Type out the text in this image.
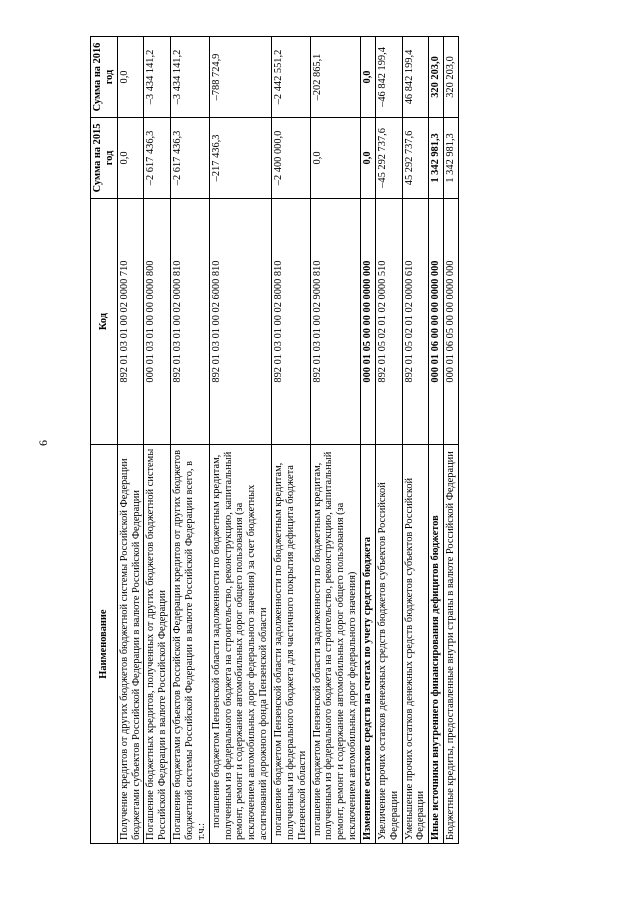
6
Наименование	Код	Сумма на 2015 год	Сумма на 2016 год
Получение кредитов от других бюджетов бюджетной системы Российской Федерации бюджетами субъектов Российской Федерации в валюте Российской Федерации	892 01 03 01 00 02 0000 710	0,0	0,0
Погашение бюджетных кредитов, полученных от других бюджетов бюджетной системы Российской Федерации в валюте Российской Федерации	000 01 03 01 00 00 0000 800	–2 617 436,3	–3 434 141,2
Погашение бюджетами субъектов Российской Федерации кредитов от других бюджетов бюджетной системы Российской Федерации в валюте Российской Федерации всего, в т.ч.:	892 01 03 01 00 02 0000 810	–2 617 436,3	–3 434 141,2
погашение бюджетом Пензенской области задолженности по бюджетным кредитам, полученным из федерального бюджета на строительство, реконструкцию, капитальный ремонт, ремонт и содержание автомобильных дорог общего пользования (за исключением автомобильных дорог федерального значения) за счет бюджетных ассигнований дорожного фонда Пензенской области	892 01 03 01 00 02 6000 810	–217 436,3	–788 724,9
погашение бюджетом Пензенской области задолженности по бюджетным кредитам, полученным из федерального бюджета для частичного покрытия дефицита бюджета Пензенской области	892 01 03 01 00 02 8000 810	–2 400 000,0	–2 442 551,2
погашение бюджетом Пензенской области задолженности по бюджетным кредитам, полученным из федерального бюджета на строительство, реконструкцию, капитальный ремонт, ремонт и содержание автомобильных дорог общего пользования (за исключением автомобильных дорог федерального значения)	892 01 03 01 00 02 9000 810	0,0	–202 865,1
Изменение остатков средств на счетах по учету средств бюджета	000 01 05 00 00 00 0000 000	0,0	0,0
Увеличение прочих остатков денежных средств бюджетов субъектов Российской Федерации	892 01 05 02 01 02 0000 510	–45 292 737,6	–46 842 199,4
Уменьшение прочих остатков денежных средств бюджетов субъектов Российской Федерации	892 01 05 02 01 02 0000 610	45 292 737,6	46 842 199,4
Иные источники внутреннего финансирования дефицитов бюджетов	000 01 06 00 00 00 0000 000	1 342 981,3	320 203,0
Бюджетные кредиты, предоставленные внутри страны в валюте Российской Федерации	000 01 06 05 00 00 0000 000	1 342 981,3	320 203,0
